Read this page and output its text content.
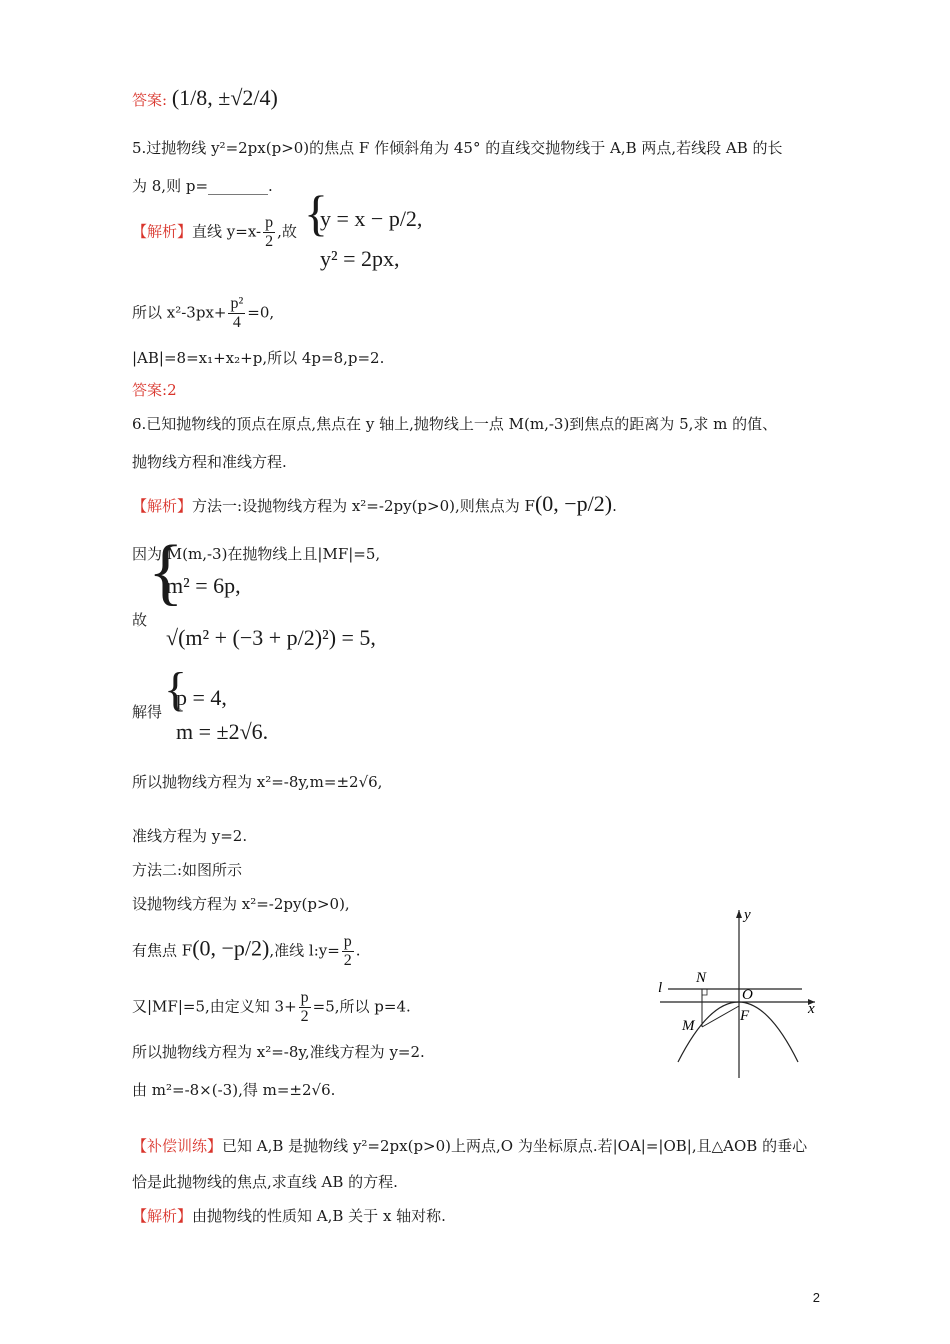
答案: (1/8, ±√2/4)
5.过抛物线 y²=2px(p>0)的焦点 F 作倾斜角为 45° 的直线交抛物线于 A,B 两点,若线段 AB 的长
为 8,则 p=________.
【解析】直线 $y=x- \frac{p}{2}$ ,故 {
y = x − p/2,
y² = 2px,
所以 $x^2-3px+ \frac{\text{p²}}{4} =0$,
|AB|=8=x₁+x₂+p,所以 4p=8,p=2.
答案:2
6.已知抛物线的顶点在原点,焦点在 y 轴上,抛物线上一点 M(m,-3)到焦点的距离为 5,求 m 的值、
抛物线方程和准线方程.
【解析】方法一:设抛物线方程为 x²=-2py(p>0),则焦点为 F(0, −p/2).
因为 M(m,-3)在抛物线上且|MF|=5,
故
{
m² = 6p,
√(m² + (−3 + p/2)²) = 5,
解得 {
p = 4,
m = ±2√6.
所以抛物线方程为 x²=-8y,m=±2√6,
准线方程为 y=2.
方法二:如图所示
设抛物线方程为 x²=-2py(p>0),
有焦点 F(0, −p/2),准线 l:y= $\frac{p}{2}$ .
又|MF|=5,由定义知 $3+ \frac{p}{2} =5$,所以 p=4.
所以抛物线方程为 x²=-8y,准线方程为 y=2.
由 m²=-8×(-3),得 m=±2√6.
l
N
O
M
F
y
x
【补偿训练】已知 A,B 是抛物线 y²=2px(p>0)上两点,O 为坐标原点.若|OA|=|OB|,且△AOB 的垂心
恰是此抛物线的焦点,求直线 AB 的方程.
【解析】由抛物线的性质知 A,B 关于 x 轴对称.
2
